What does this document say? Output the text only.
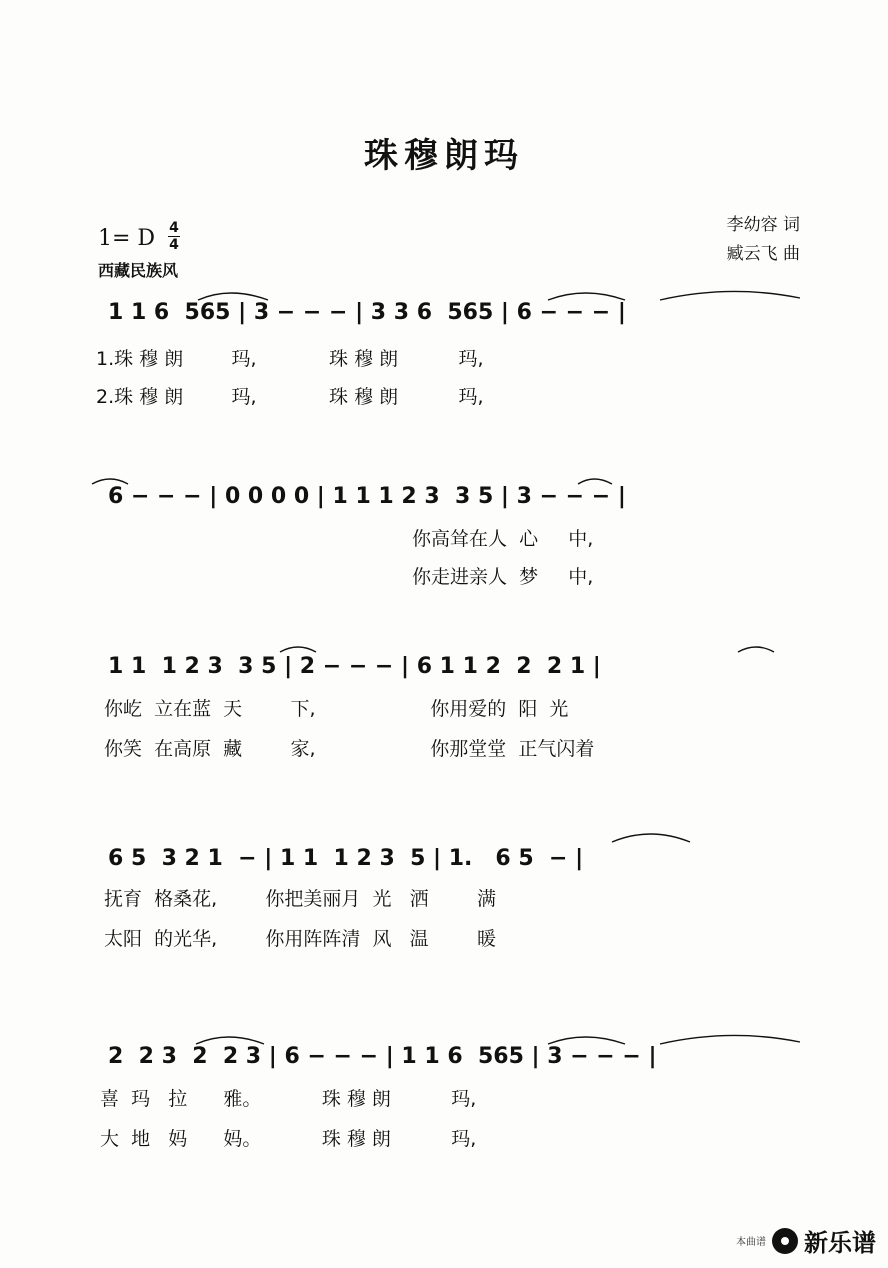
珠穆朗玛
1= D 4
4
西藏民族风
李幼容 词
臧云飞 曲
1 1 6  565 | 3 − − − | 3 3 6  565 | 6 − − − |
1.珠 穆 朗        玛,            珠 穆 朗          玛,
2.珠 穆 朗        玛,            珠 穆 朗          玛,
6 − − − | 0 0 0 0 | 1 1 1 2 3  3 5 | 3 − − − |
你高耸在人  心     中,
你走进亲人  梦     中,
1 1  1 2 3  3 5 | 2 − − − | 6 1 1 2  2  2 1 |
你屹  立在蓝  天        下,                   你用爱的  阳  光
你笑  在高原  藏        家,                   你那堂堂  正气闪着
6 5  3 2 1  − | 1 1  1 2 3  5 | 1.   6 5  − |
抚育  格桑花,        你把美丽月  光   洒        满
太阳  的光华,        你用阵阵清  风   温        暖
2  2 3  2  2 3 | 6 − − − | 1 1 6  565 | 3 − − − |
喜  玛   拉      雅。          珠 穆 朗          玛,
大  地   妈      妈。          珠 穆 朗          玛,
本曲谱 新乐谱
